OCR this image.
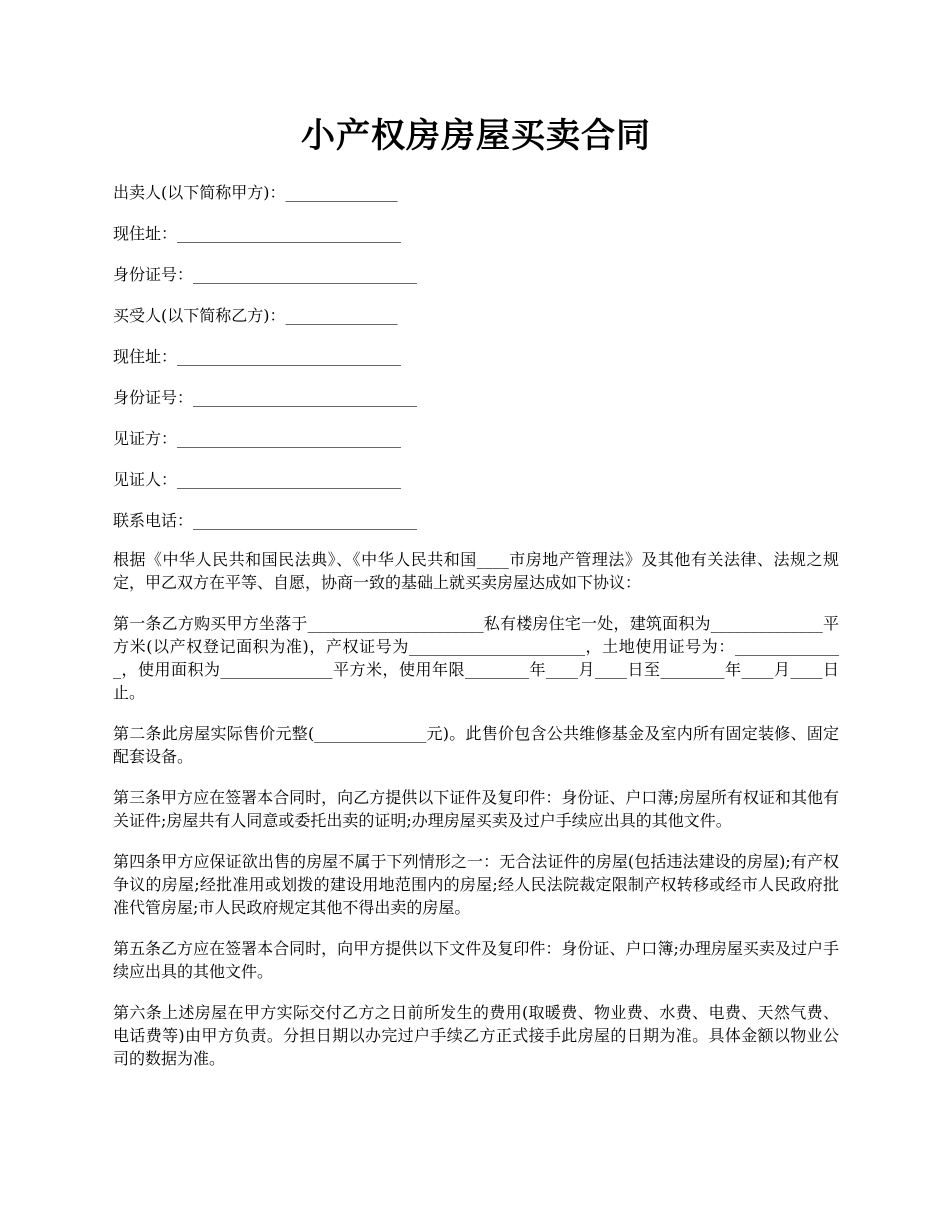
小产权房房屋买卖合同
出卖人(以下简称甲方)：______________
现住址：____________________________
身份证号：____________________________
买受人(以下简称乙方)：______________
现住址：____________________________
身份证号：____________________________
见证方：____________________________
见证人：____________________________
联系电话：____________________________

根据《中华人民共和国民法典》、《中华人民共和国____市房地产管理法》及其他有关法律、法规之规定，甲乙双方在平等、自愿，协商一致的基础上就买卖房屋达成如下协议：

第一条乙方购买甲方坐落于______________________私有楼房住宅一处，建筑面积为______________平方米(以产权登记面积为准)，产权证号为______________________，土地使用证号为：______________，使用面积为______________平方米，使用年限________年____月____日至________年____月____日止。

第二条此房屋实际售价元整(______________元)。此售价包含公共维修基金及室内所有固定装修、固定配套设备。

第三条甲方应在签署本合同时，向乙方提供以下证件及复印件：身份证、户口薄;房屋所有权证和其他有关证件;房屋共有人同意或委托出卖的证明;办理房屋买卖及过户手续应出具的其他文件。

第四条甲方应保证欲出售的房屋不属于下列情形之一：无合法证件的房屋(包括违法建设的房屋);有产权争议的房屋;经批准用或划拨的建设用地范围内的房屋;经人民法院裁定限制产权转移或经市人民政府批准代管房屋;市人民政府规定其他不得出卖的房屋。

第五条乙方应在签署本合同时，向甲方提供以下文件及复印件：身份证、户口簿;办理房屋买卖及过户手续应出具的其他文件。

第六条上述房屋在甲方实际交付乙方之日前所发生的费用(取暖费、物业费、水费、电费、天然气费、电话费等)由甲方负责。分担日期以办完过户手续乙方正式接手此房屋的日期为准。具体金额以物业公司的数据为准。
